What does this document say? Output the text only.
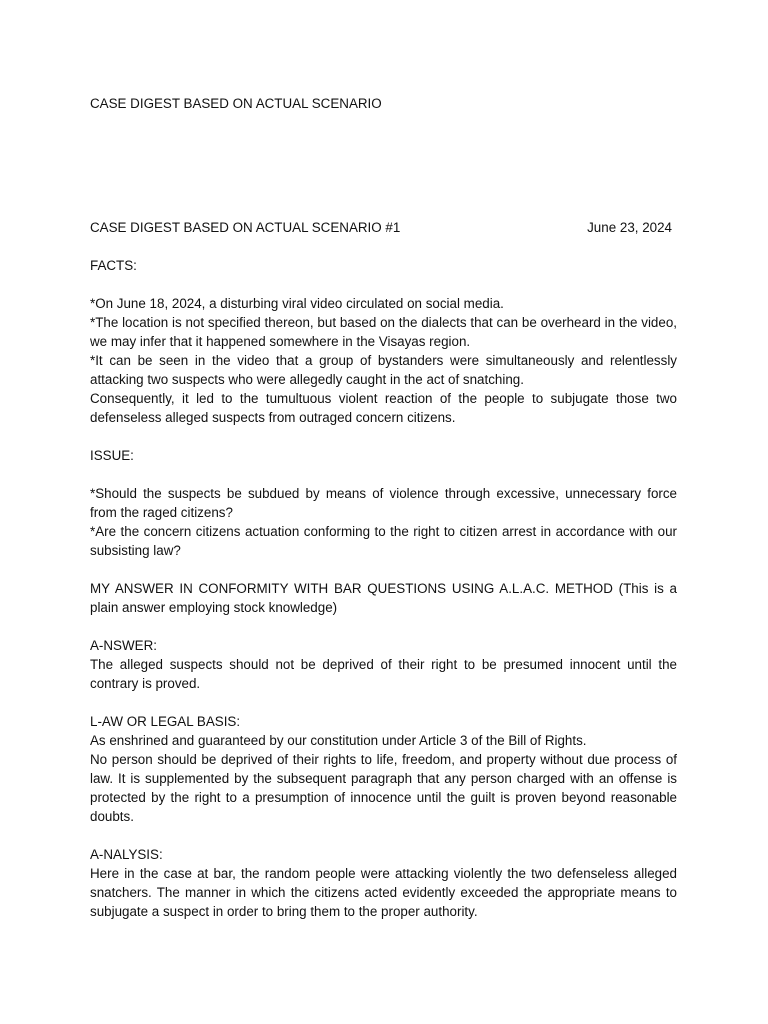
CASE DIGEST BASED ON ACTUAL SCENARIO

CASE DIGEST BASED ON ACTUAL SCENARIO #1	June 23, 2024

FACTS:

*On June 18, 2024, a disturbing viral video circulated on social media.

*The location is not specified thereon, but based on the dialects that can be overheard in the video, we may infer that it happened somewhere in the Visayas region.

*It can be seen in the video that a group of bystanders were simultaneously and relentlessly attacking two suspects who were allegedly caught in the act of snatching.

Consequently, it led to the tumultuous violent reaction of the people to subjugate those two defenseless alleged suspects from outraged concern citizens.

ISSUE:

*Should the suspects be subdued by means of violence through excessive, unnecessary force from the raged citizens?

*Are the concern citizens actuation conforming to the right to citizen arrest in accordance with our subsisting law?

MY ANSWER IN CONFORMITY WITH BAR QUESTIONS USING A.L.A.C. METHOD (This is a plain answer employing stock knowledge)

A-NSWER:

The alleged suspects should not be deprived of their right to be presumed innocent until the contrary is proved.

L-AW OR LEGAL BASIS:

As enshrined and guaranteed by our constitution under Article 3 of the Bill of Rights.

No person should be deprived of their rights to life, freedom, and property without due process of law. It is supplemented by the subsequent paragraph that any person charged with an offense is protected by the right to a presumption of innocence until the guilt is proven beyond reasonable doubts.

A-NALYSIS:

Here in the case at bar, the random people were attacking violently the two defenseless alleged snatchers. The manner in which the citizens acted evidently exceeded the appropriate means to subjugate a suspect in order to bring them to the proper authority.
